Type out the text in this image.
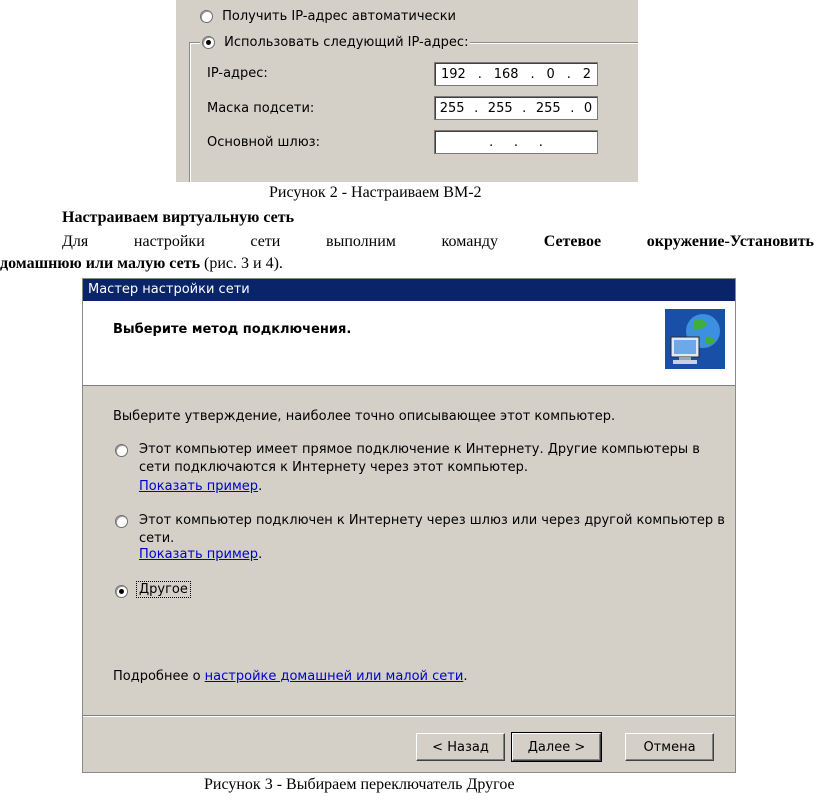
Получить IP-адрес автоматически
Использовать следующий IP-адрес:
IP-адрес:	192 . 168 . 0 . 2
Маска подсети:	255 . 255 . 255 . 0
Основной шлюз:	.     .     .
Рисунок 2 - Настраиваем ВМ-2
Настраиваем виртуальную сеть
Для настройки сети выполним команду	Сетевое окружение-Установить
домашнюю или малую сеть (рис. 3 и 4).
Мастер настройки сети
Выберите метод подключения.
Выберите утверждение, наиболее точно описывающее этот компьютер.
Этот компьютер имеет прямое подключение к Интернету. Другие компьютеры в
сети подключаются к Интернету через этот компьютер.
Показать пример.
Этот компьютер подключен к Интернету через шлюз или через другой компьютер в
сети.
Показать пример.
Другое
Подробнее о настройке домашней или малой сети.
< Назад	Далее >	Отмена
Рисунок 3 - Выбираем переключатель Другое
